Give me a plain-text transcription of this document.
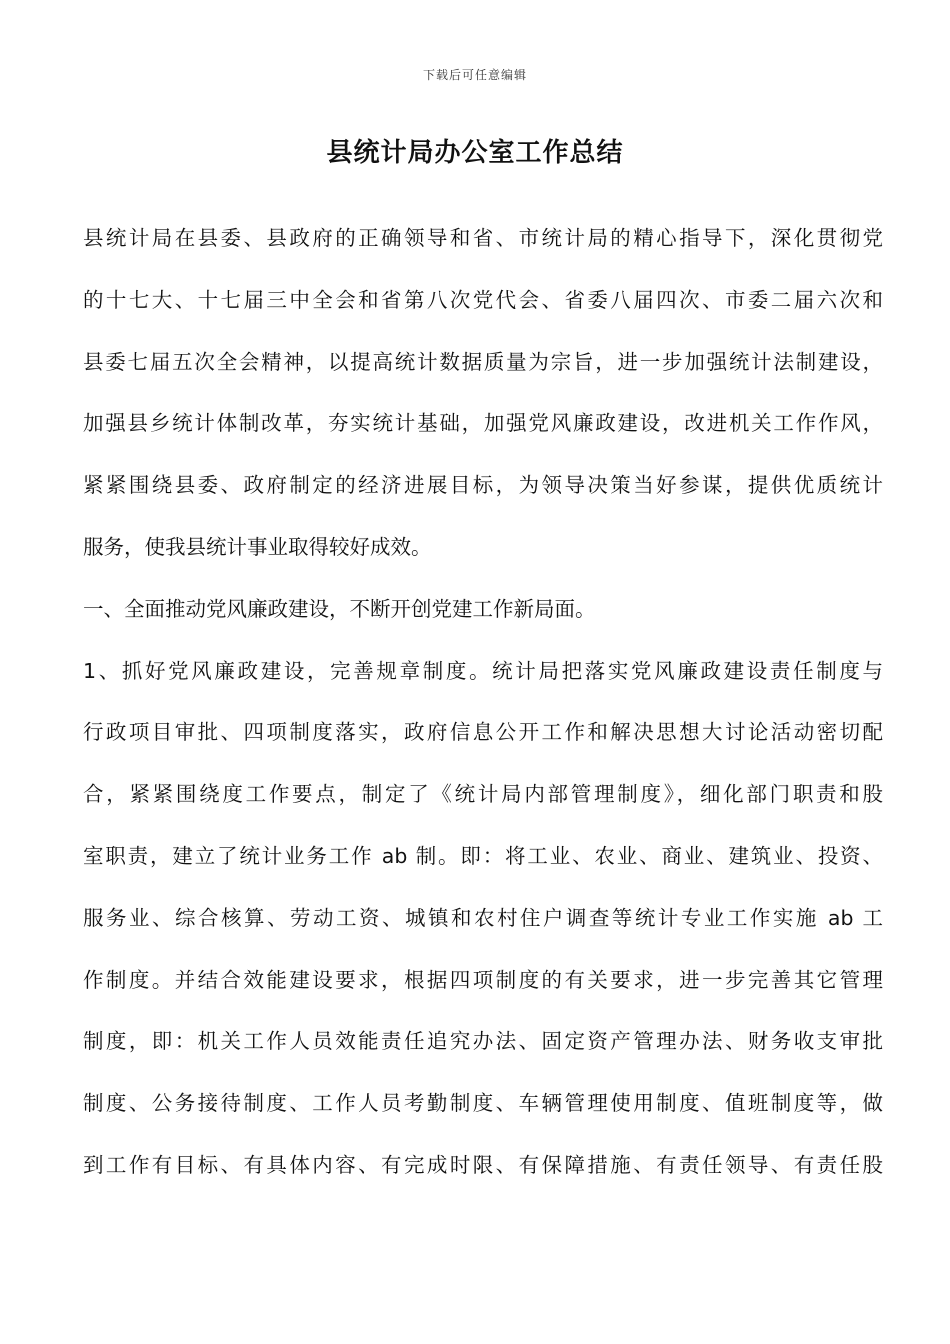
下载后可任意编辑
县统计局办公室工作总结
县统计局在县委、县政府的正确领导和省、市统计局的精心指导下，深化贯彻党
的十七大、十七届三中全会和省第八次党代会、省委八届四次、市委二届六次和
县委七届五次全会精神，以提高统计数据质量为宗旨，进一步加强统计法制建设，
加强县乡统计体制改革，夯实统计基础，加强党风廉政建设，改进机关工作作风，
紧紧围绕县委、政府制定的经济进展目标，为领导决策当好参谋，提供优质统计
服务，使我县统计事业取得较好成效。
一、全面推动党风廉政建设，不断开创党建工作新局面。
1、抓好党风廉政建设，完善规章制度。统计局把落实党风廉政建设责任制度与
行政项目审批、四项制度落实，政府信息公开工作和解决思想大讨论活动密切配
合，紧紧围绕度工作要点，制定了《统计局内部管理制度》，细化部门职责和股
室职责，建立了统计业务工作 ab 制。即：将工业、农业、商业、建筑业、投资、
服务业、综合核算、劳动工资、城镇和农村住户调查等统计专业工作实施 ab 工
作制度。并结合效能建设要求，根据四项制度的有关要求，进一步完善其它管理
制度，即：机关工作人员效能责任追究办法、固定资产管理办法、财务收支审批
制度、公务接待制度、工作人员考勤制度、车辆管理使用制度、值班制度等，做
到工作有目标、有具体内容、有完成时限、有保障措施、有责任领导、有责任股
